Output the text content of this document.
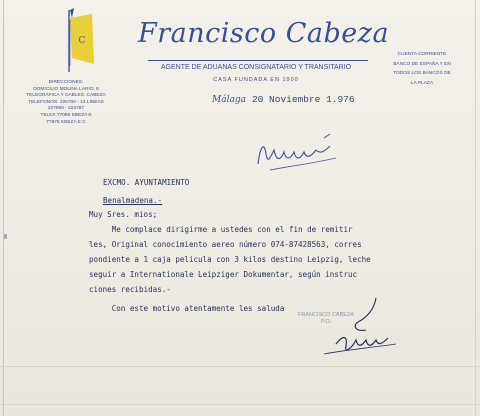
C Francisco Cabeza
AGENTE DE ADUANAS CONSIGNATARIO Y TRANSITARIO
CASA FUNDADA EN 1900
CUENTA CORRIENTE
BANCO DE ESPAÑA Y EN
TODOS LOS BANCOS DE
LA PLAZA
DIRECCIONES:
DOMICILIO MOLINA LARIO, 8
TELEGRÁFICA Y CABLES: CABEZA
TELEFONOS: 226700 - 13 LÍNEAS
227890 - 222787
TELEX 77086 KBEZA E
77878 KBEZA E C
Málaga 20 Noviembre 1.976

EXCMO. AYUNTAMIENTO

Benalmadena.-

Muy Sres. mios;

Me complace dirigirme a ustedes con el fin de remitir

les, Original conocimiento aereo número 074-87428563, corres

pondiente a 1 caja pelicula con 3 kilos destino Leipzig, leche

seguir a Internationale Leipziger Dokumentar, según instruc

ciones recibidas.-

Con este motivo atentamente les saluda

FRANCISCO CABEZA
P.O.
